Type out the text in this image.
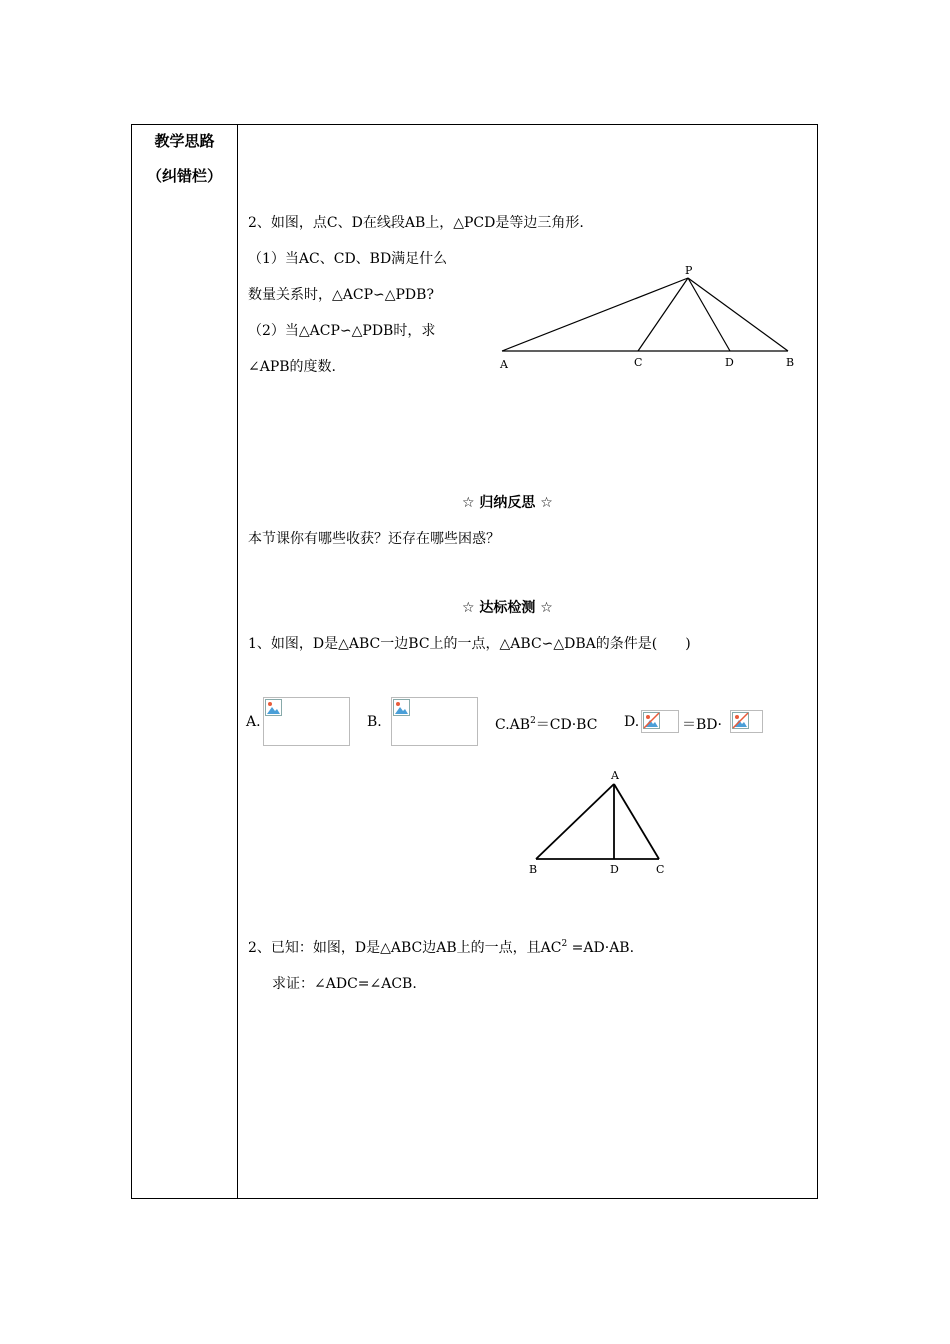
教学思路
（纠错栏）
2、如图，点C、D在线段AB上，△PCD是等边三角形.
（1）当AC、CD、BD满足什么
数量关系时，△ACP∽△PDB?
（2）当△ACP∽△PDB时，求
∠APB的度数.
P
A	C	D	B
☆ 归纳反思 ☆
本节课你有哪些收获？还存在哪些困惑？
☆ 达标检测 ☆
1、如图，D是△ABC一边BC上的一点，△ABC∽△DBA的条件是(　　)
A.	B.	$C.AB^2=CD\cdot BC$ D.	＝BD·
A
B	D	C
2、已知：如图，D是△ABC边AB上的一点，且$AC^2 =AD\cdot AB$.
求证：∠ADC=∠ACB.
